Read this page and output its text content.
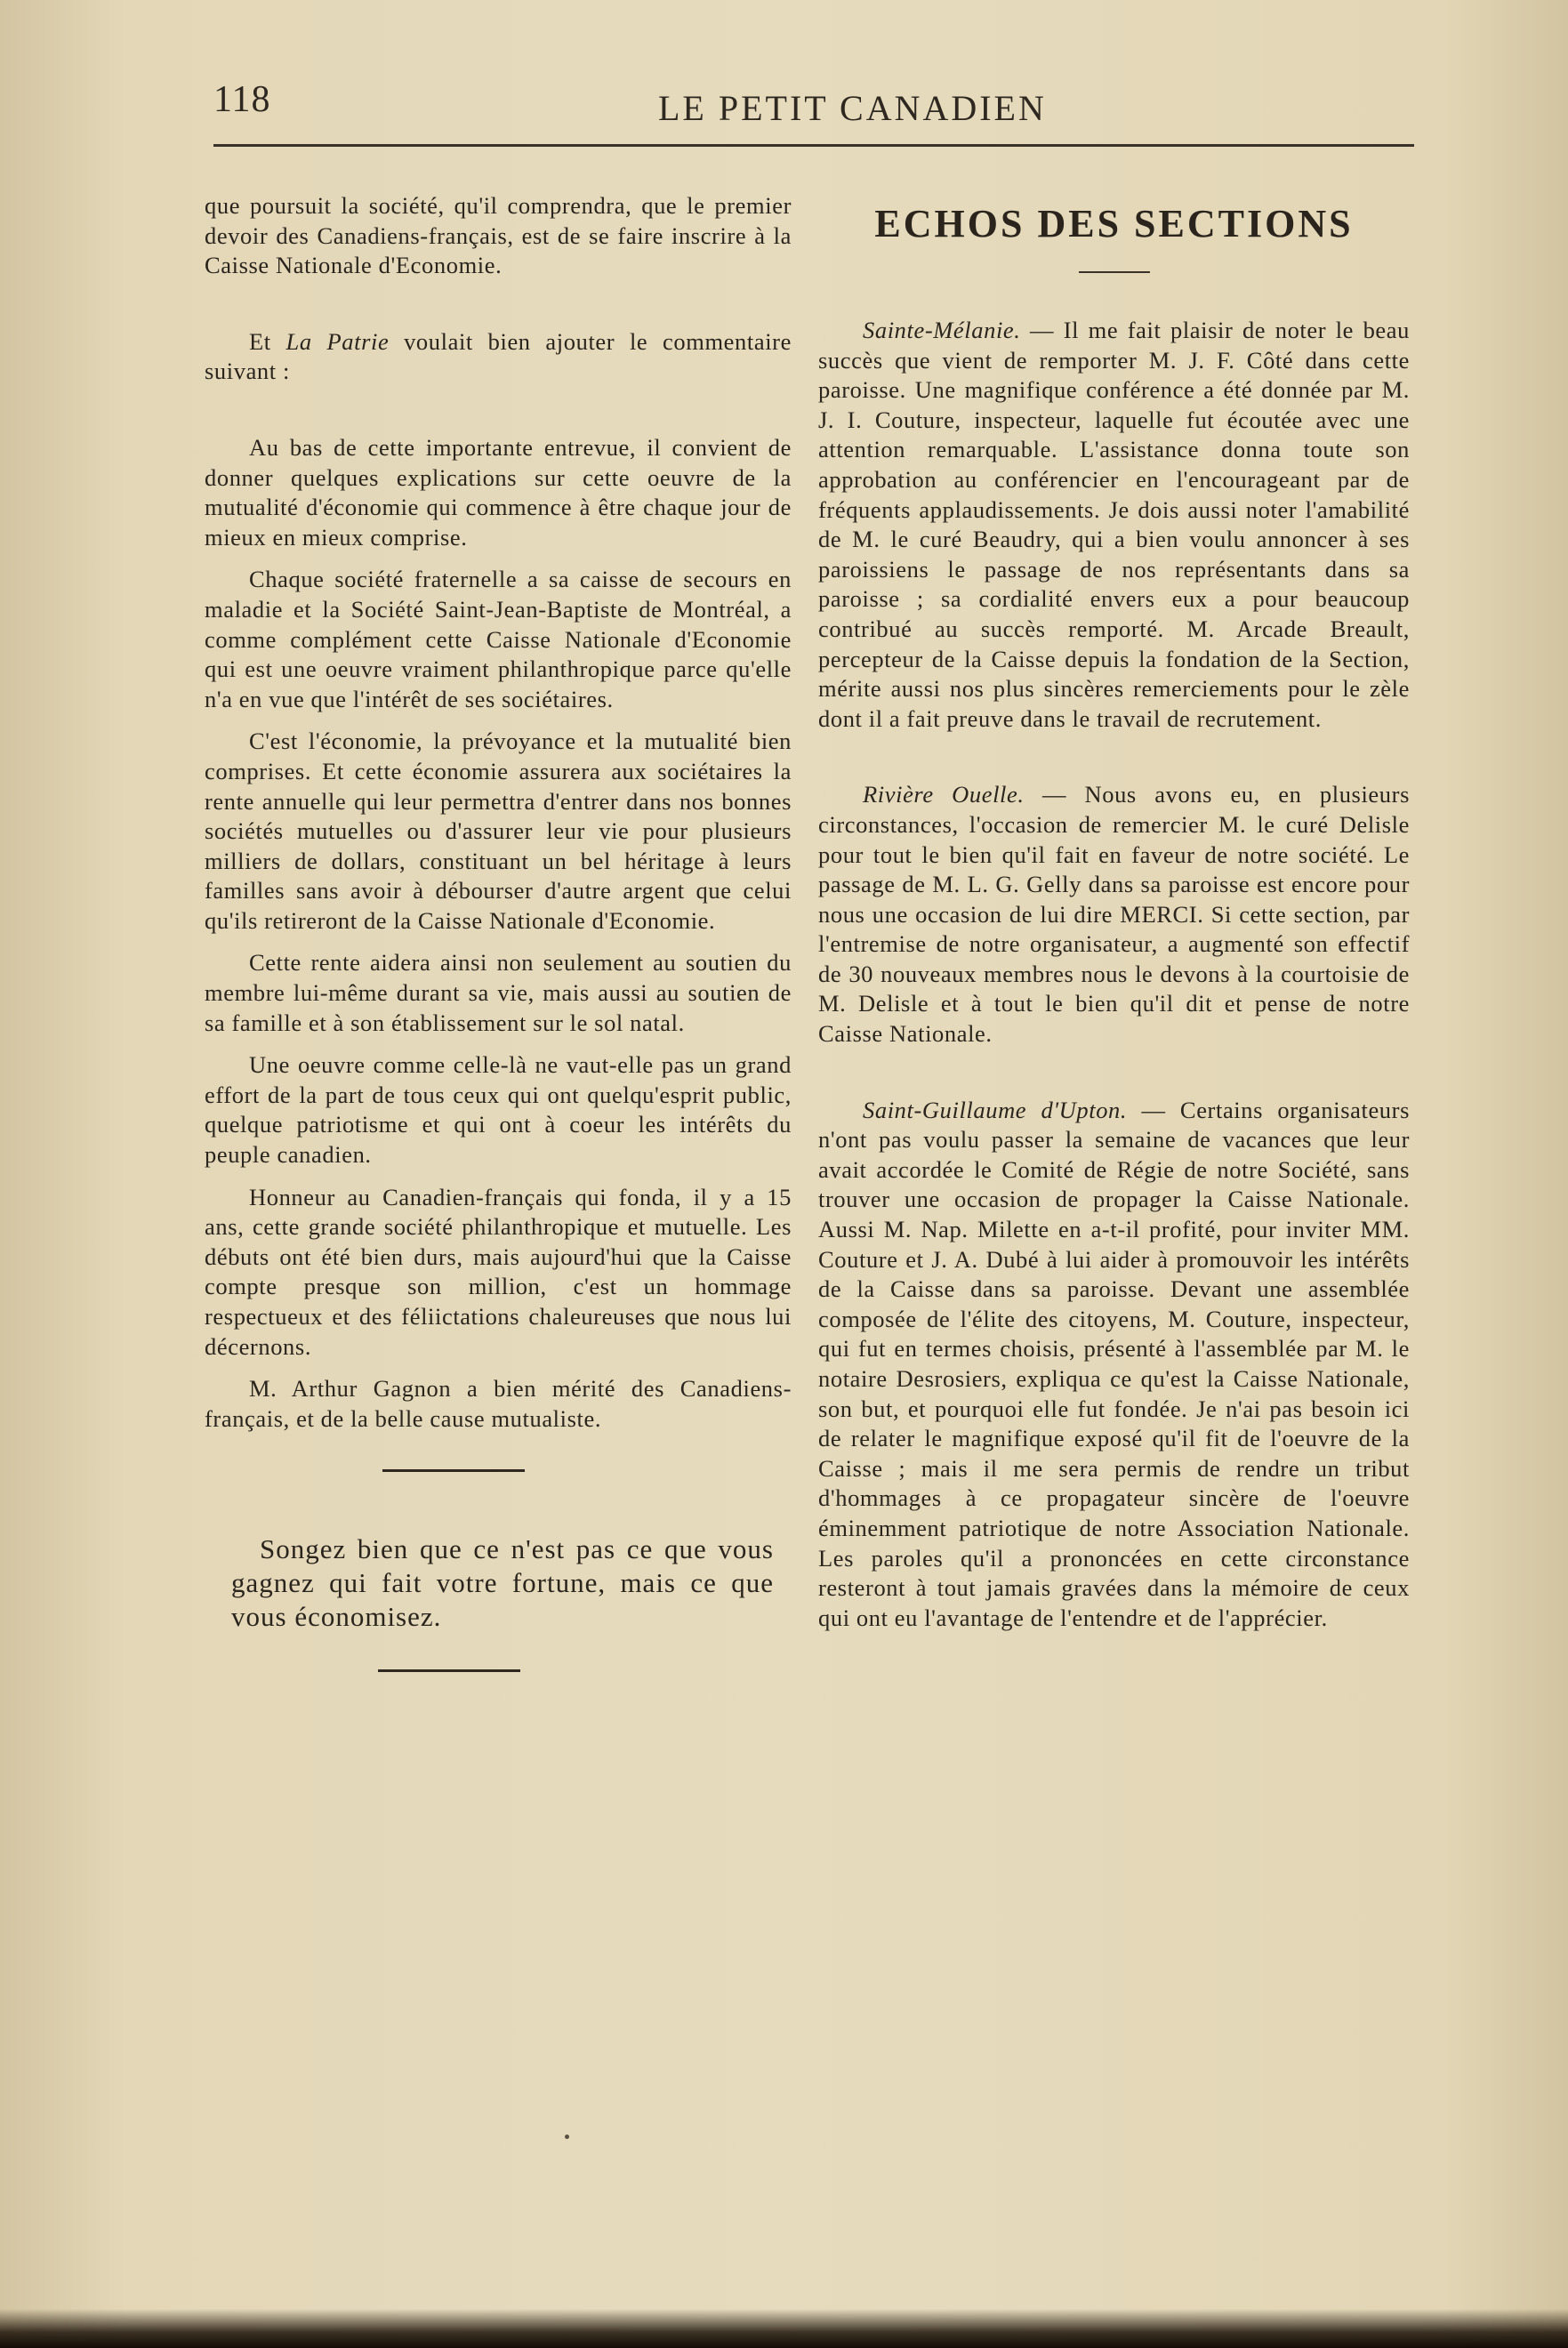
118	LE PETIT CANADIEN

que poursuit la société, qu'il comprendra, que le premier devoir des Canadiens-français, est de se faire inscrire à la Caisse Nationale d'Economie.

Et La Patrie voulait bien ajouter le commentaire suivant :

Au bas de cette importante entrevue, il convient de donner quelques explications sur cette oeuvre de la mutualité d'économie qui commence à être chaque jour de mieux en mieux comprise.

Chaque société fraternelle a sa caisse de secours en maladie et la Société Saint-Jean-Baptiste de Montréal, a comme complément cette Caisse Nationale d'Economie qui est une oeuvre vraiment philanthropique parce qu'elle n'a en vue que l'intérêt de ses sociétaires.

C'est l'économie, la prévoyance et la mutualité bien comprises. Et cette économie assurera aux sociétaires la rente annuelle qui leur permettra d'entrer dans nos bonnes sociétés mutuelles ou d'assurer leur vie pour plusieurs milliers de dollars, constituant un bel héritage à leurs familles sans avoir à débourser d'autre argent que celui qu'ils retireront de la Caisse Nationale d'Economie.

Cette rente aidera ainsi non seulement au soutien du membre lui-même durant sa vie, mais aussi au soutien de sa famille et à son établissement sur le sol natal.

Une oeuvre comme celle-là ne vaut-elle pas un grand effort de la part de tous ceux qui ont quelqu'esprit public, quelque patriotisme et qui ont à coeur les intérêts du peuple canadien.

Honneur au Canadien-français qui fonda, il y a 15 ans, cette grande société philanthropique et mutuelle. Les débuts ont été bien durs, mais aujourd'hui que la Caisse compte presque son million, c'est un hommage respectueux et des féliictations chaleureuses que nous lui décernons.

M. Arthur Gagnon a bien mérité des Canadiens-français, et de la belle cause mutualiste.

Songez bien que ce n'est pas ce que vous gagnez qui fait votre fortune, mais ce que vous économisez.
ECHOS DES SECTIONS

Sainte-Mélanie. — Il me fait plaisir de noter le beau succès que vient de remporter M. J. F. Côté dans cette paroisse. Une magnifique conférence a été donnée par M. J. I. Couture, inspecteur, laquelle fut écoutée avec une attention remarquable. L'assistance donna toute son approbation au conférencier en l'encourageant par de fréquents applaudissements. Je dois aussi noter l'amabilité de M. le curé Beaudry, qui a bien voulu annoncer à ses paroissiens le passage de nos représentants dans sa paroisse ; sa cordialité envers eux a pour beaucoup contribué au succès remporté. M. Arcade Breault, percepteur de la Caisse depuis la fondation de la Section, mérite aussi nos plus sincères remerciements pour le zèle dont il a fait preuve dans le travail de recrutement.

Rivière Ouelle. — Nous avons eu, en plusieurs circonstances, l'occasion de remercier M. le curé Delisle pour tout le bien qu'il fait en faveur de notre société. Le passage de M. L. G. Gelly dans sa paroisse est encore pour nous une occasion de lui dire MERCI. Si cette section, par l'entremise de notre organisateur, a augmenté son effectif de 30 nouveaux membres nous le devons à la courtoisie de M. Delisle et à tout le bien qu'il dit et pense de notre Caisse Nationale.

Saint-Guillaume d'Upton. — Certains organisateurs n'ont pas voulu passer la semaine de vacances que leur avait accordée le Comité de Régie de notre Société, sans trouver une occasion de propager la Caisse Nationale. Aussi M. Nap. Milette en a-t-il profité, pour inviter MM. Couture et J. A. Dubé à lui aider à promouvoir les intérêts de la Caisse dans sa paroisse. Devant une assemblée composée de l'élite des citoyens, M. Couture, inspecteur, qui fut en termes choisis, présenté à l'assemblée par M. le notaire Desrosiers, expliqua ce qu'est la Caisse Nationale, son but, et pourquoi elle fut fondée. Je n'ai pas besoin ici de relater le magnifique exposé qu'il fit de l'oeuvre de la Caisse ; mais il me sera permis de rendre un tribut d'hommages à ce propagateur sincère de l'oeuvre éminemment patriotique de notre Association Nationale. Les paroles qu'il a prononcées en cette circonstance resteront à tout jamais gravées dans la mémoire de ceux qui ont eu l'avantage de l'entendre et de l'apprécier.
